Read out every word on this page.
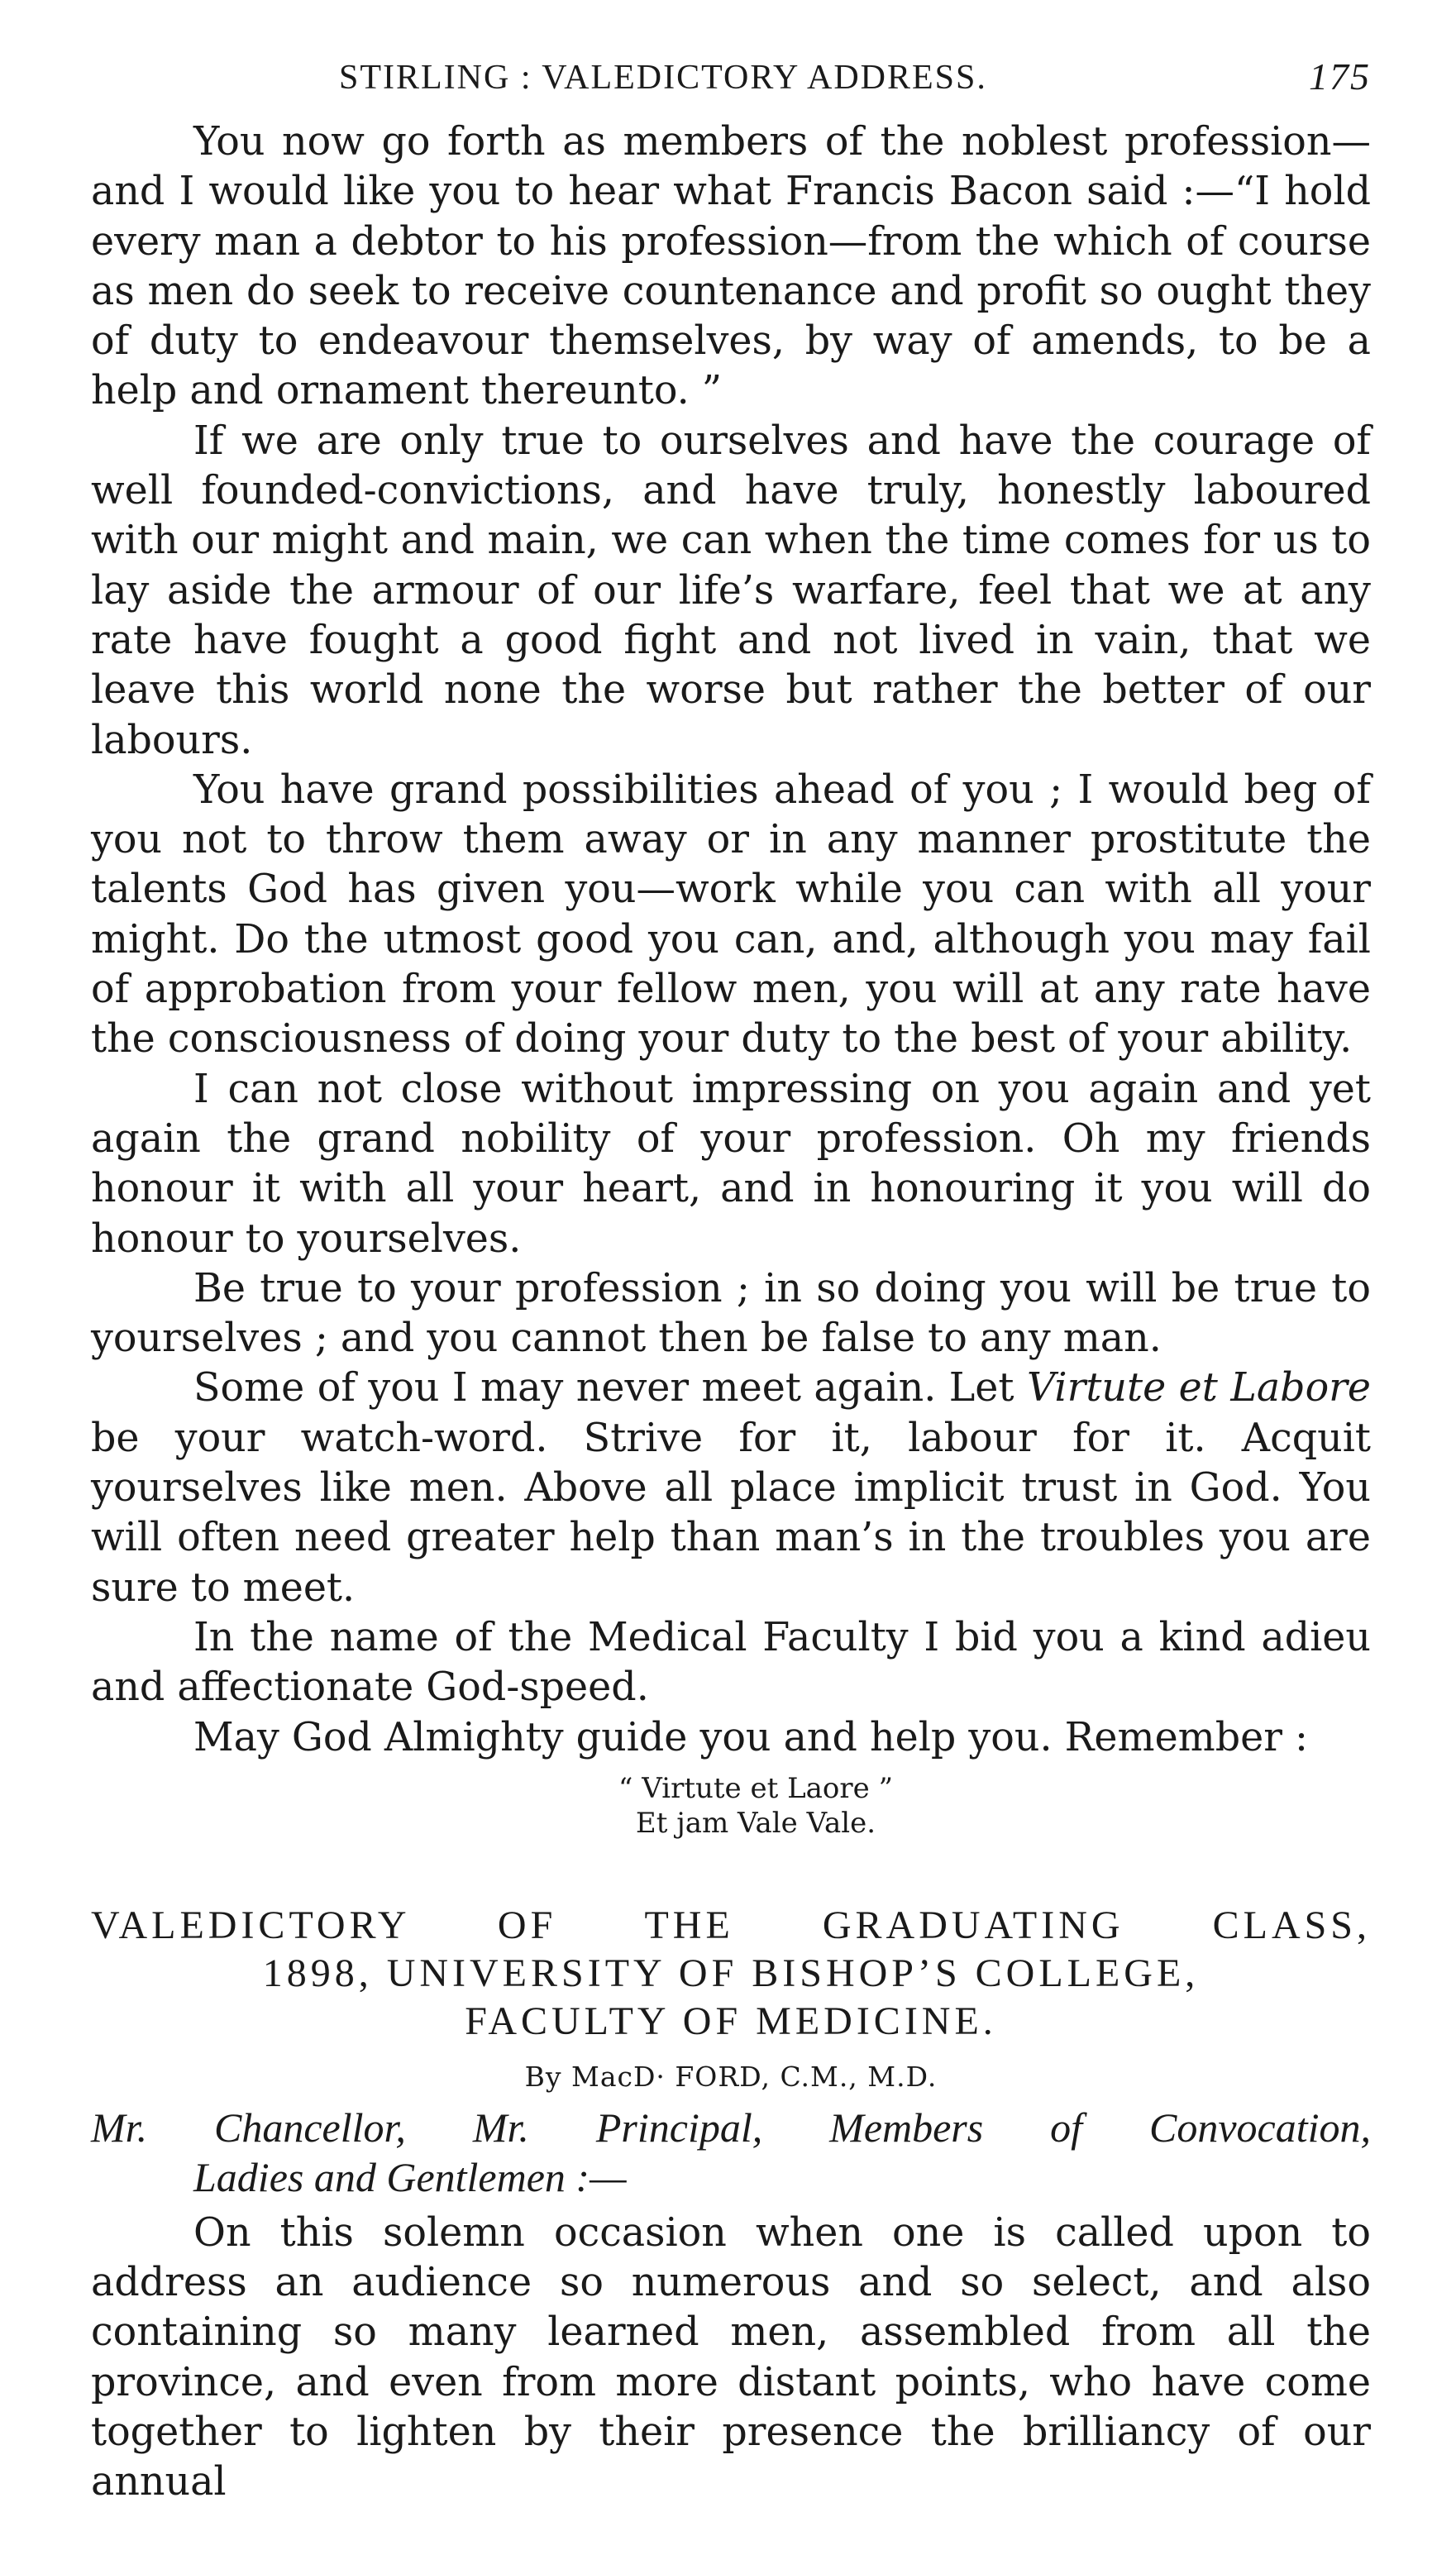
STIRLING : VALEDICTORY ADDRESS.	175

You now go forth as members of the noblest profession—and I would like you to hear what Francis Bacon said :—“I hold every man a debtor to his profession—from the which of course as men do seek to receive countenance and profit so ought they of duty to endeavour themselves, by way of amends, to be a help and ornament thereunto. ”

If we are only true to ourselves and have the courage of well founded-convictions, and have truly, honestly laboured with our might and main, we can when the time comes for us to lay aside the armour of our life’s warfare, feel that we at any rate have fought a good fight and not lived in vain, that we leave this world none the worse but rather the better of our labours.

You have grand possibilities ahead of you ; I would beg of you not to throw them away or in any manner prostitute the talents God has given you—work while you can with all your might. Do the utmost good you can, and, although you may fail of approbation from your fellow men, you will at any rate have the consciousness of doing your duty to the best of your ability.

I can not close without impressing on you again and yet again the grand nobility of your profession. Oh my friends honour it with all your heart, and in honouring it you will do honour to yourselves.

Be true to your profession ; in so doing you will be true to yourselves ; and you cannot then be false to any man.

Some of you I may never meet again. Let Virtute et Labore be your watch-word. Strive for it, labour for it. Acquit yourselves like men. Above all place implicit trust in God. You will often need greater help than man’s in the troubles you are sure to meet.

In the name of the Medical Faculty I bid you a kind adieu and affectionate God-speed.

May God Almighty guide you and help you. Remember :

“ Virtute et Laore ”
Et jam Vale Vale.
VALEDICTORY OF THE GRADUATING CLASS,
1898, UNIVERSITY OF BISHOP’S COLLEGE,
FACULTY OF MEDICINE.
By MacD· FORD, C.M., M.D.
Mr. Chancellor, Mr. Principal, Members of Convocation,
Ladies and Gentlemen :—

On this solemn occasion when one is called upon to address an audience so numerous and so select, and also containing so many learned men, assembled from all the province, and even from more distant points, who have come together to lighten by their presence the brilliancy of our annual
